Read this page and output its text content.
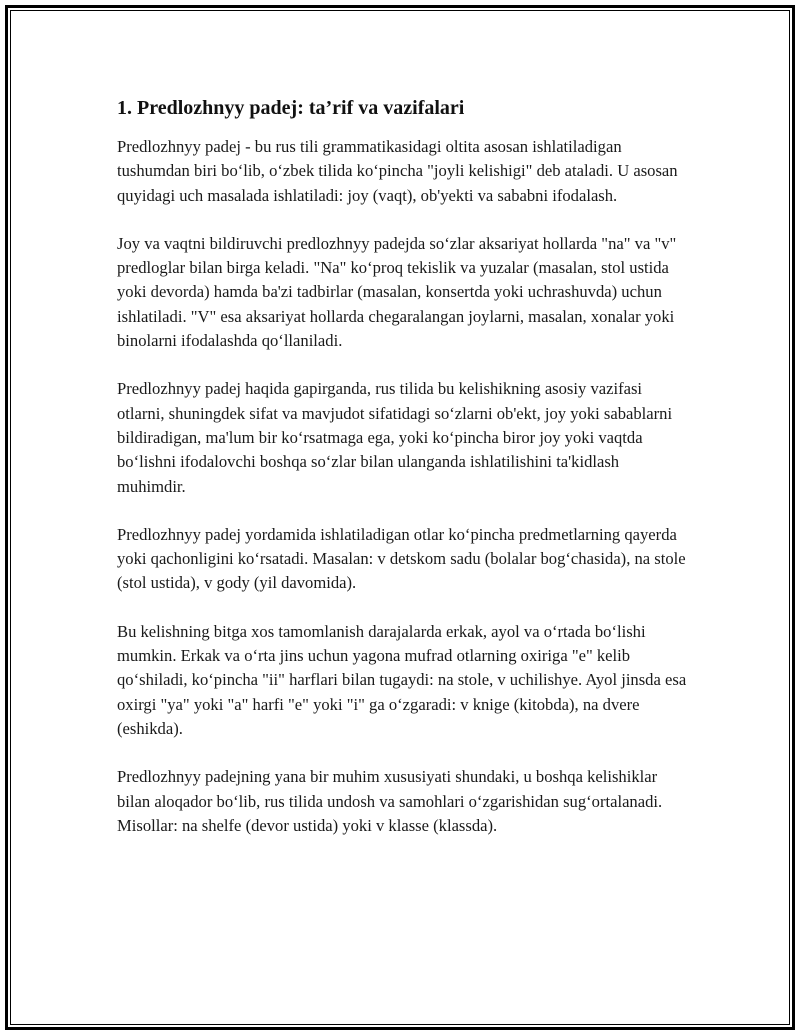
1. Predlozhnyy padej: ta’rif va vazifalari

Predlozhnyy padej - bu rus tili grammatikasidagi oltita asosan ishlatiladigan tushumdan biri bo‘lib, o‘zbek tilida ko‘pincha "joyli kelishigi" deb ataladi. U asosan quyidagi uch masalada ishlatiladi: joy (vaqt), ob'yekti va sababni ifodalash.

Joy va vaqtni bildiruvchi predlozhnyy padejda so‘zlar aksariyat hollarda "na" va "v" predloglar bilan birga keladi. "Na" ko‘proq tekislik va yuzalar (masalan, stol ustida yoki devorda) hamda ba'zi tadbirlar (masalan, konsertda yoki uchrashuvda) uchun ishlatiladi. "V" esa aksariyat hollarda chegaralangan joylarni, masalan, xonalar yoki binolarni ifodalashda qo‘llaniladi.

Predlozhnyy padej haqida gapirganda, rus tilida bu kelishikning asosiy vazifasi otlarni, shuningdek sifat va mavjudot sifatidagi so‘zlarni ob'ekt, joy yoki sabablarni bildiradigan, ma'lum bir ko‘rsatmaga ega, yoki ko‘pincha biror joy yoki vaqtda bo‘lishni ifodalovchi boshqa so‘zlar bilan ulanganda ishlatilishini ta'kidlash muhimdir.

Predlozhnyy padej yordamida ishlatiladigan otlar ko‘pincha predmetlarning qayerda yoki qachonligini ko‘rsatadi. Masalan: v detskom sadu (bolalar bog‘chasida), na stole (stol ustida), v gody (yil davomida).

Bu kelishning bitga xos tamomlanish darajalarda erkak, ayol va o‘rtada bo‘lishi mumkin. Erkak va o‘rta jins uchun yagona mufrad otlarning oxiriga "e" kelib qo‘shiladi, ko‘pincha "ii" harflari bilan tugaydi: na stole, v uchilishye. Ayol jinsda esa oxirgi "ya" yoki "a" harfi "e" yoki "i" ga o‘zgaradi: v knige (kitobda), na dvere (eshikda).

Predlozhnyy padejning yana bir muhim xususiyati shundaki, u boshqa kelishiklar bilan aloqador bo‘lib, rus tilida undosh va samohlari o‘zgarishidan sug‘ortalanadi. Misollar: na shelfe (devor ustida) yoki v klasse (klassda).
